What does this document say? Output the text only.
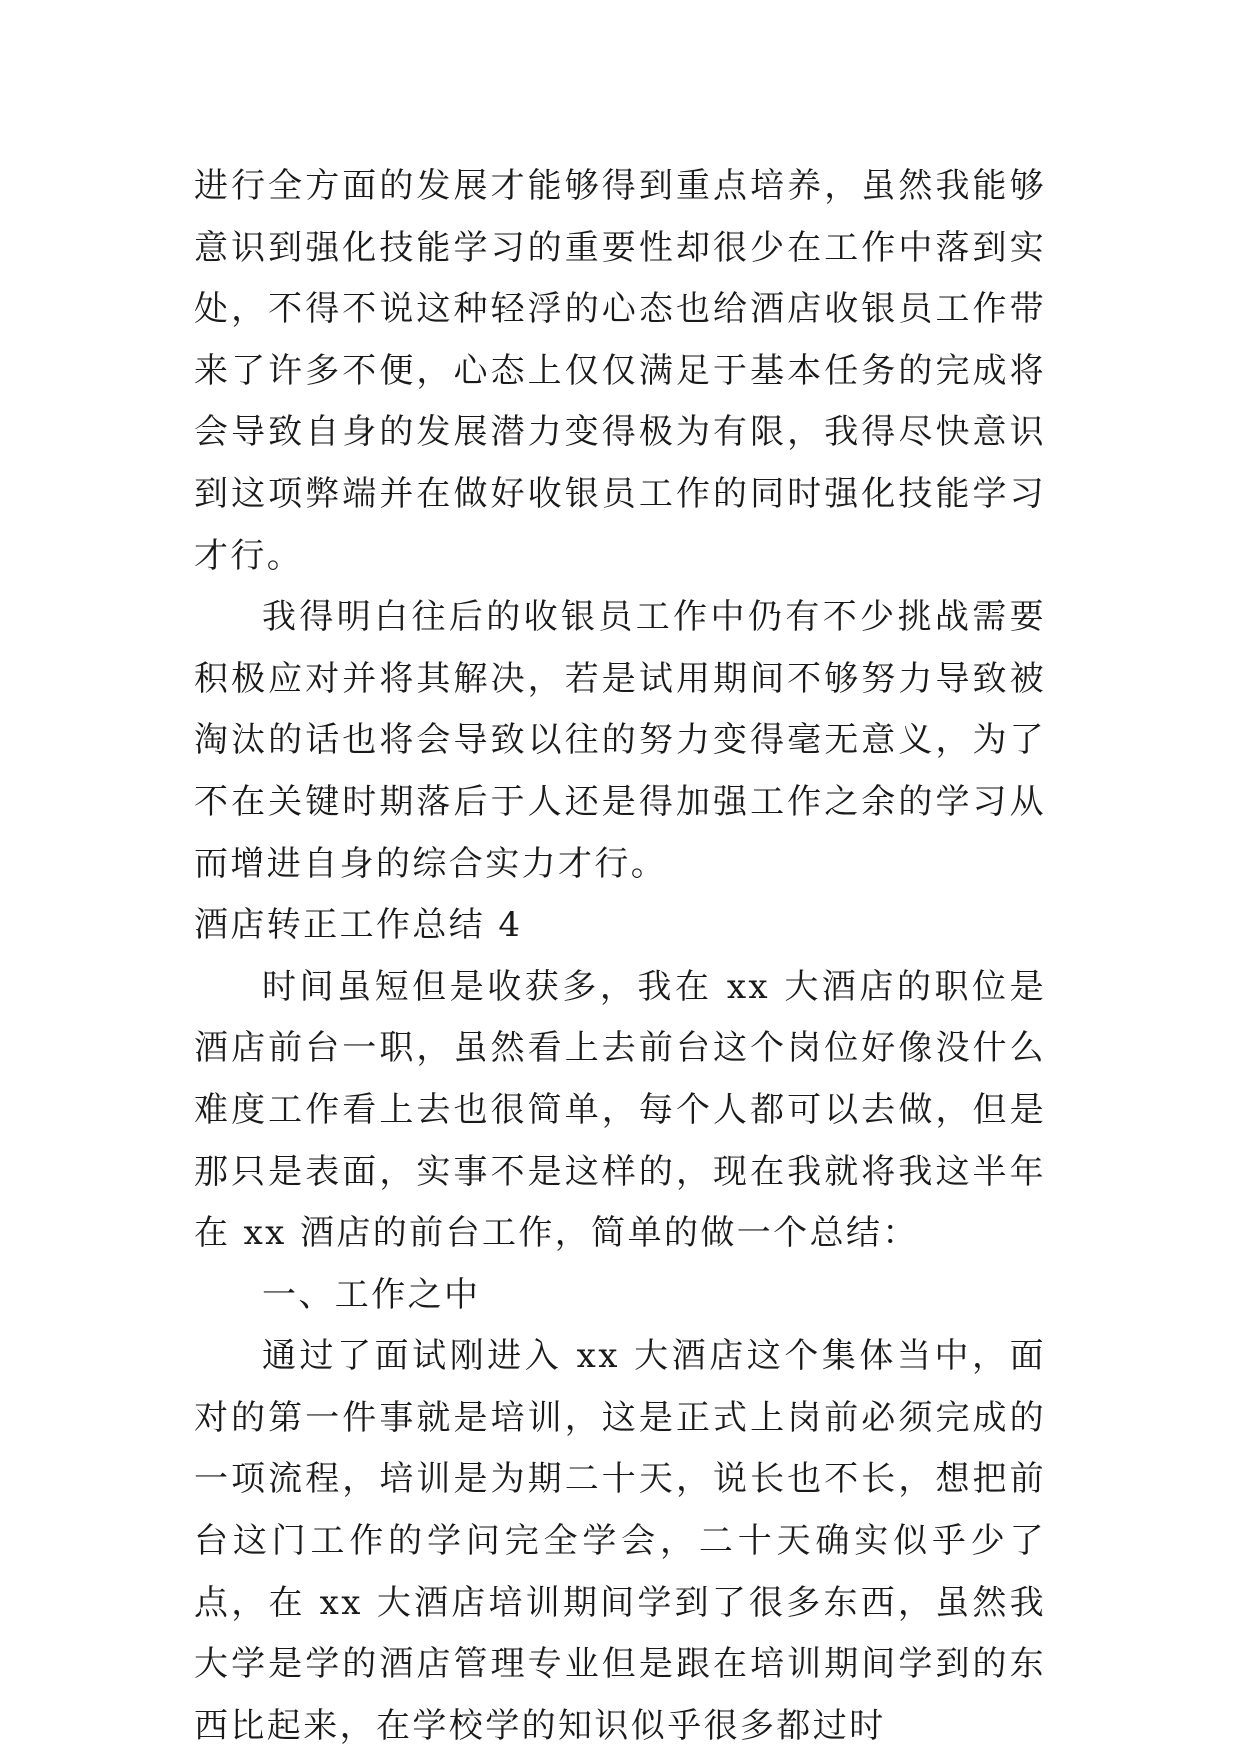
进行全方面的发展才能够得到重点培养，虽然我能够意识到强化技能学习的重要性却很少在工作中落到实处，不得不说这种轻浮的心态也给酒店收银员工作带来了许多不便，心态上仅仅满足于基本任务的完成将会导致自身的发展潜力变得极为有限，我得尽快意识到这项弊端并在做好收银员工作的同时强化技能学习才行。

我得明白往后的收银员工作中仍有不少挑战需要积极应对并将其解决，若是试用期间不够努力导致被淘汰的话也将会导致以往的努力变得毫无意义，为了不在关键时期落后于人还是得加强工作之余的学习从而增进自身的综合实力才行。

酒店转正工作总结 4

时间虽短但是收获多，我在 xx 大酒店的职位是酒店前台一职，虽然看上去前台这个岗位好像没什么难度工作看上去也很简单，每个人都可以去做，但是那只是表面，实事不是这样的，现在我就将我这半年在 xx 酒店的前台工作，简单的做一个总结：

一、工作之中

通过了面试刚进入 xx 大酒店这个集体当中，面对的第一件事就是培训，这是正式上岗前必须完成的一项流程，培训是为期二十天，说长也不长，想把前台这门工作的学问完全学会，二十天确实似乎少了点，在 xx 大酒店培训期间学到了很多东西，虽然我大学是学的酒店管理专业但是跟在培训期间学到的东西比起来，在学校学的知识似乎很多都过时
